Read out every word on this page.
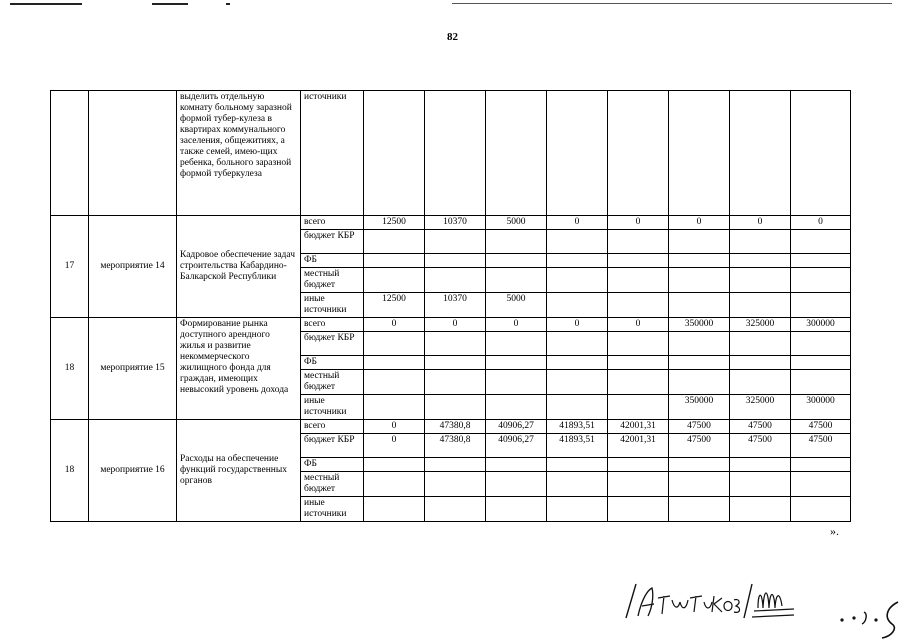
82
		выделить отдельную комнату больному заразной формой тубер-кулеза в квартирах коммунального заселения, общежитиях, а также семей, имею-щих ребенка, больного заразной формой туберкулеза	источники								
17	мероприятие 14	Кадровое обеспечение задач строительства Кабардино-Балкарской Республики	всего	12500	10370	5000	0	0	0	0	0
			бюджет КБР								
			ФБ								
			местный бюджет								
			иные источники	12500	10370	5000					
18	мероприятие 15	Формирование рынка доступного арендного жилья и развитие некоммерческого жилищного фонда для граждан, имеющих невысокий уровень дохода	всего	0	0	0	0	0	350000	325000	300000
			бюджет КБР								
			ФБ								
			местный бюджет								
			иные источники						350000	325000	300000
18	мероприятие 16	Расходы на обеспечение функций государственных органов	всего	0	47380,8	40906,27	41893,51	42001,31	47500	47500	47500
			бюджет КБР	0	47380,8	40906,27	41893,51	42001,31	47500	47500	47500
			ФБ								
			местный бюджет								
			иные источники								
».
